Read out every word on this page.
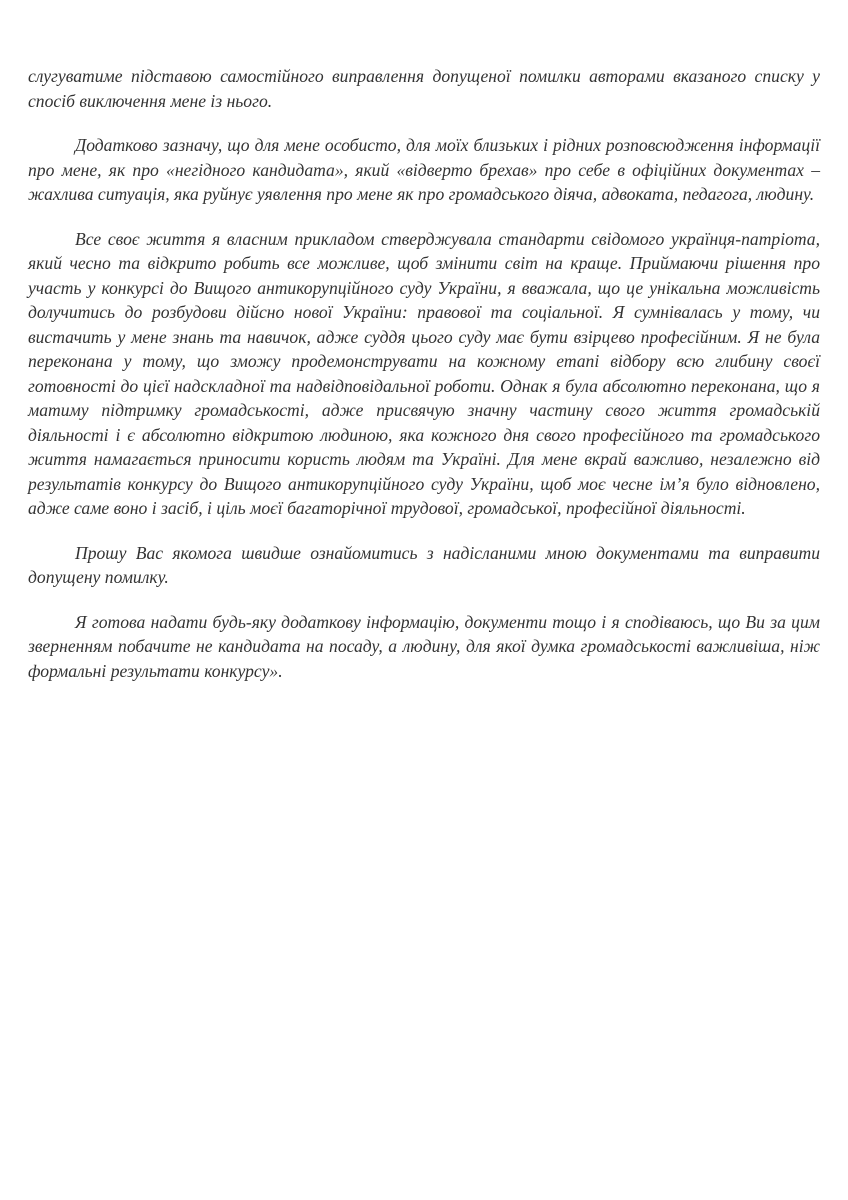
слугуватиме підставою самостійного виправлення допущеної помилки авторами вказаного списку у спосіб виключення мене із нього.

Додатково зазначу, що для мене особисто, для моїх близьких і рідних розповсюдження інформації про мене, як про «негідного кандидата», який «відверто брехав» про себе в офіційних документах – жахлива ситуація, яка руйнує уявлення про мене як про громадського діяча, адвоката, педагога, людину.

Все своє життя я власним прикладом стверджувала стандарти свідомого українця-патріота, який чесно та відкрито робить все можливе, щоб змінити світ на краще. Приймаючи рішення про участь у конкурсі до Вищого антикорупційного суду України, я вважала, що це унікальна можливість долучитись до розбудови дійсно нової України: правової та соціальної. Я сумнівалась у тому, чи вистачить у мене знань та навичок, адже суддя цього суду має бути взірцево професійним. Я не була переконана у тому, що зможу продемонструвати на кожному етапі відбору всю глибину своєї готовності до цієї надскладної та надвідповідальної роботи. Однак я була абсолютно переконана, що я матиму підтримку громадськості, адже присвячую значну частину свого життя громадській діяльності і є абсолютно відкритою людиною, яка кожного дня свого професійного та громадського життя намагається приносити користь людям та Україні. Для мене вкрай важливо, незалежно від результатів конкурсу до Вищого антикорупційного суду України, щоб моє чесне ім’я було відновлено, адже саме воно і засіб, і ціль моєї багаторічної трудової, громадської, професійної діяльності.

Прошу Вас якомога швидше ознайомитись з надісланими мною документами та виправити допущену помилку.

Я готова надати будь-яку додаткову інформацію, документи тощо і я сподіваюсь, що Ви за цим зверненням побачите не кандидата на посаду, а людину, для якої думка громадськості важливіша, ніж формальні результати конкурсу».
